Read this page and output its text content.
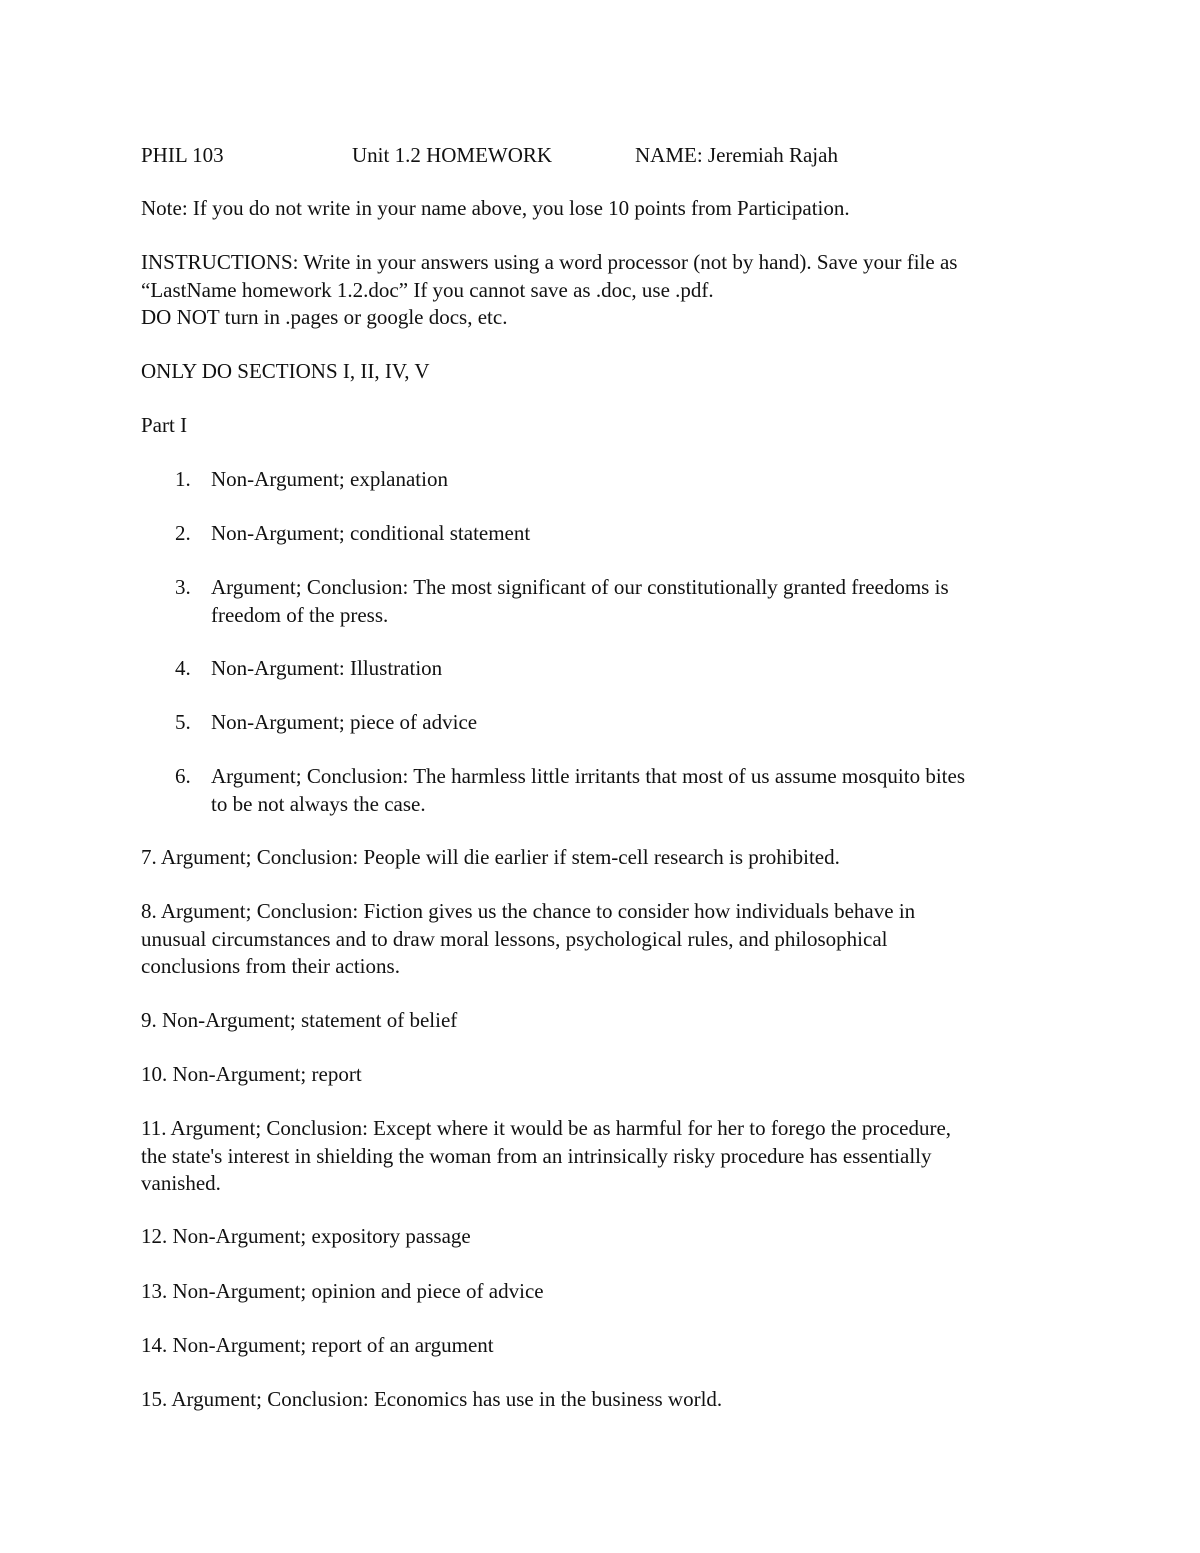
PHIL 103	Unit 1.2 HOMEWORK	NAME: Jeremiah Rajah
Note: If you do not write in your name above, you lose 10 points from Participation.
INSTRUCTIONS: Write in your answers using a word processor (not by hand). Save your file as
“LastName homework 1.2.doc” If you cannot save as .doc, use .pdf.
DO NOT turn in .pages or google docs, etc.
ONLY DO SECTIONS I, II, IV, V
Part I
1. Non-Argument; explanation
2. Non-Argument; conditional statement
3. Argument; Conclusion: The most significant of our constitutionally granted freedoms is
freedom of the press.
4. Non-Argument: Illustration
5. Non-Argument; piece of advice
6. Argument; Conclusion: The harmless little irritants that most of us assume mosquito bites
to be not always the case.
7. Argument; Conclusion: People will die earlier if stem-cell research is prohibited.
8. Argument; Conclusion: Fiction gives us the chance to consider how individuals behave in
unusual circumstances and to draw moral lessons, psychological rules, and philosophical
conclusions from their actions.
9. Non-Argument; statement of belief
10. Non-Argument; report
11. Argument; Conclusion: Except where it would be as harmful for her to forego the procedure,
the state's interest in shielding the woman from an intrinsically risky procedure has essentially
vanished.
12. Non-Argument; expository passage
13. Non-Argument; opinion and piece of advice
14. Non-Argument; report of an argument
15. Argument; Conclusion: Economics has use in the business world.
